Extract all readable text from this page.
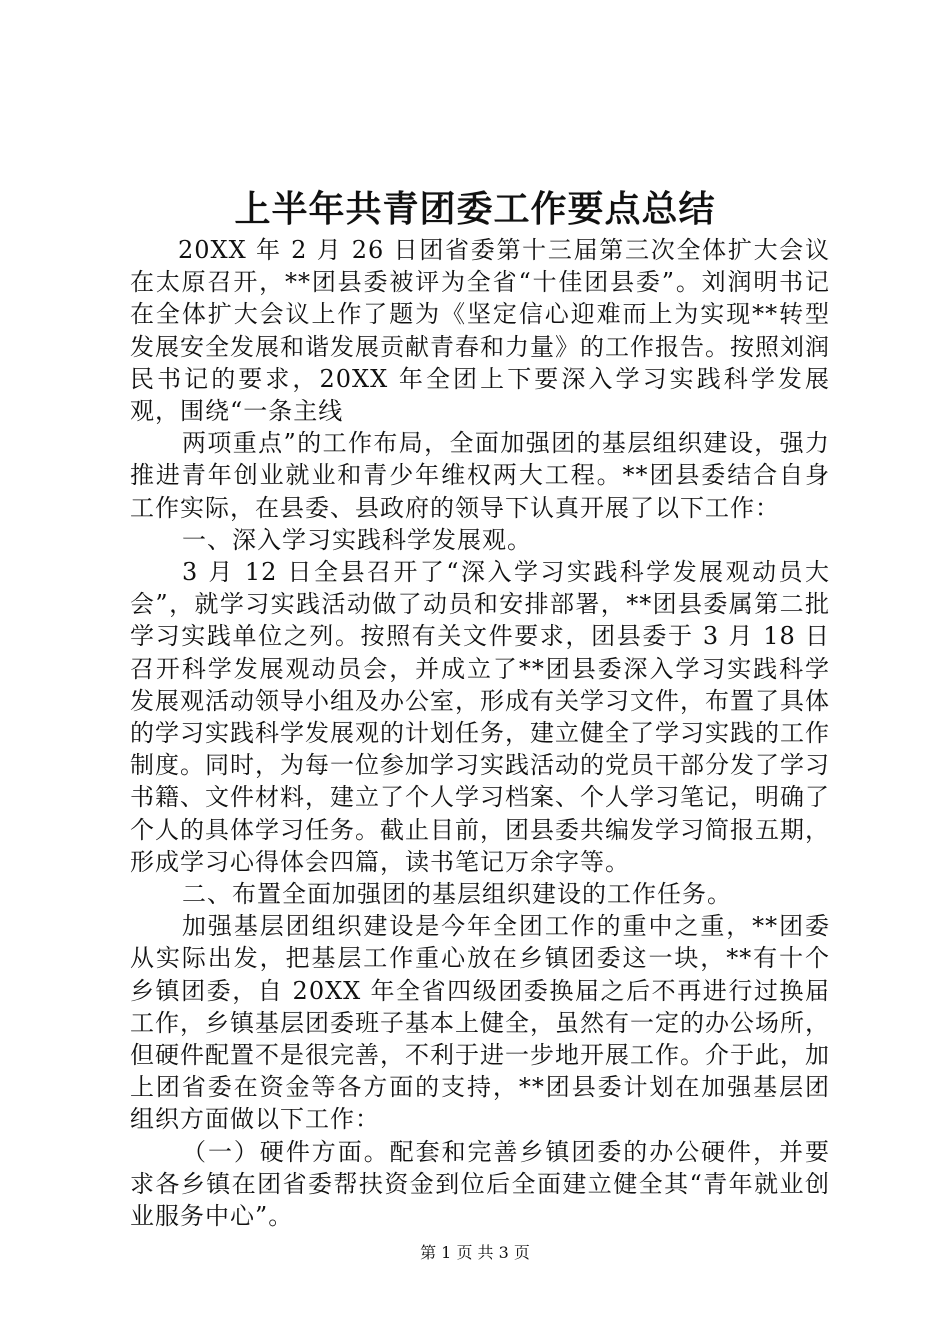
上半年共青团委工作要点总结

20XX 年 2 月 26 日团省委第十三届第三次全体扩大会议在太原召开，**团县委被评为全省“十佳团县委”。刘润明书记在全体扩大会议上作了题为《坚定信心迎难而上为实现**转型发展安全发展和谐发展贡献青春和力量》的工作报告。按照刘润民书记的要求，20XX 年全团上下要深入学习实践科学发展观，围绕“一条主线

两项重点”的工作布局，全面加强团的基层组织建设，强力推进青年创业就业和青少年维权两大工程。**团县委结合自身工作实际，在县委、县政府的领导下认真开展了以下工作：

一、深入学习实践科学发展观。

3 月 12 日全县召开了“深入学习实践科学发展观动员大会”，就学习实践活动做了动员和安排部署，**团县委属第二批学习实践单位之列。按照有关文件要求，团县委于 3 月 18 日召开科学发展观动员会，并成立了**团县委深入学习实践科学发展观活动领导小组及办公室，形成有关学习文件，布置了具体的学习实践科学发展观的计划任务，建立健全了学习实践的工作制度。同时，为每一位参加学习实践活动的党员干部分发了学习书籍、文件材料，建立了个人学习档案、个人学习笔记，明确了个人的具体学习任务。截止目前，团县委共编发学习简报五期，形成学习心得体会四篇，读书笔记万余字等。

二、布置全面加强团的基层组织建设的工作任务。

加强基层团组织建设是今年全团工作的重中之重，**团委从实际出发，把基层工作重心放在乡镇团委这一块，**有十个乡镇团委，自 20XX 年全省四级团委换届之后不再进行过换届工作，乡镇基层团委班子基本上健全，虽然有一定的办公场所，但硬件配置不是很完善，不利于进一步地开展工作。介于此，加上团省委在资金等各方面的支持，**团县委计划在加强基层团组织方面做以下工作：

（一）硬件方面。配套和完善乡镇团委的办公硬件，并要求各乡镇在团省委帮扶资金到位后全面建立健全其“青年就业创业服务中心”。

第 1 页 共 3 页
